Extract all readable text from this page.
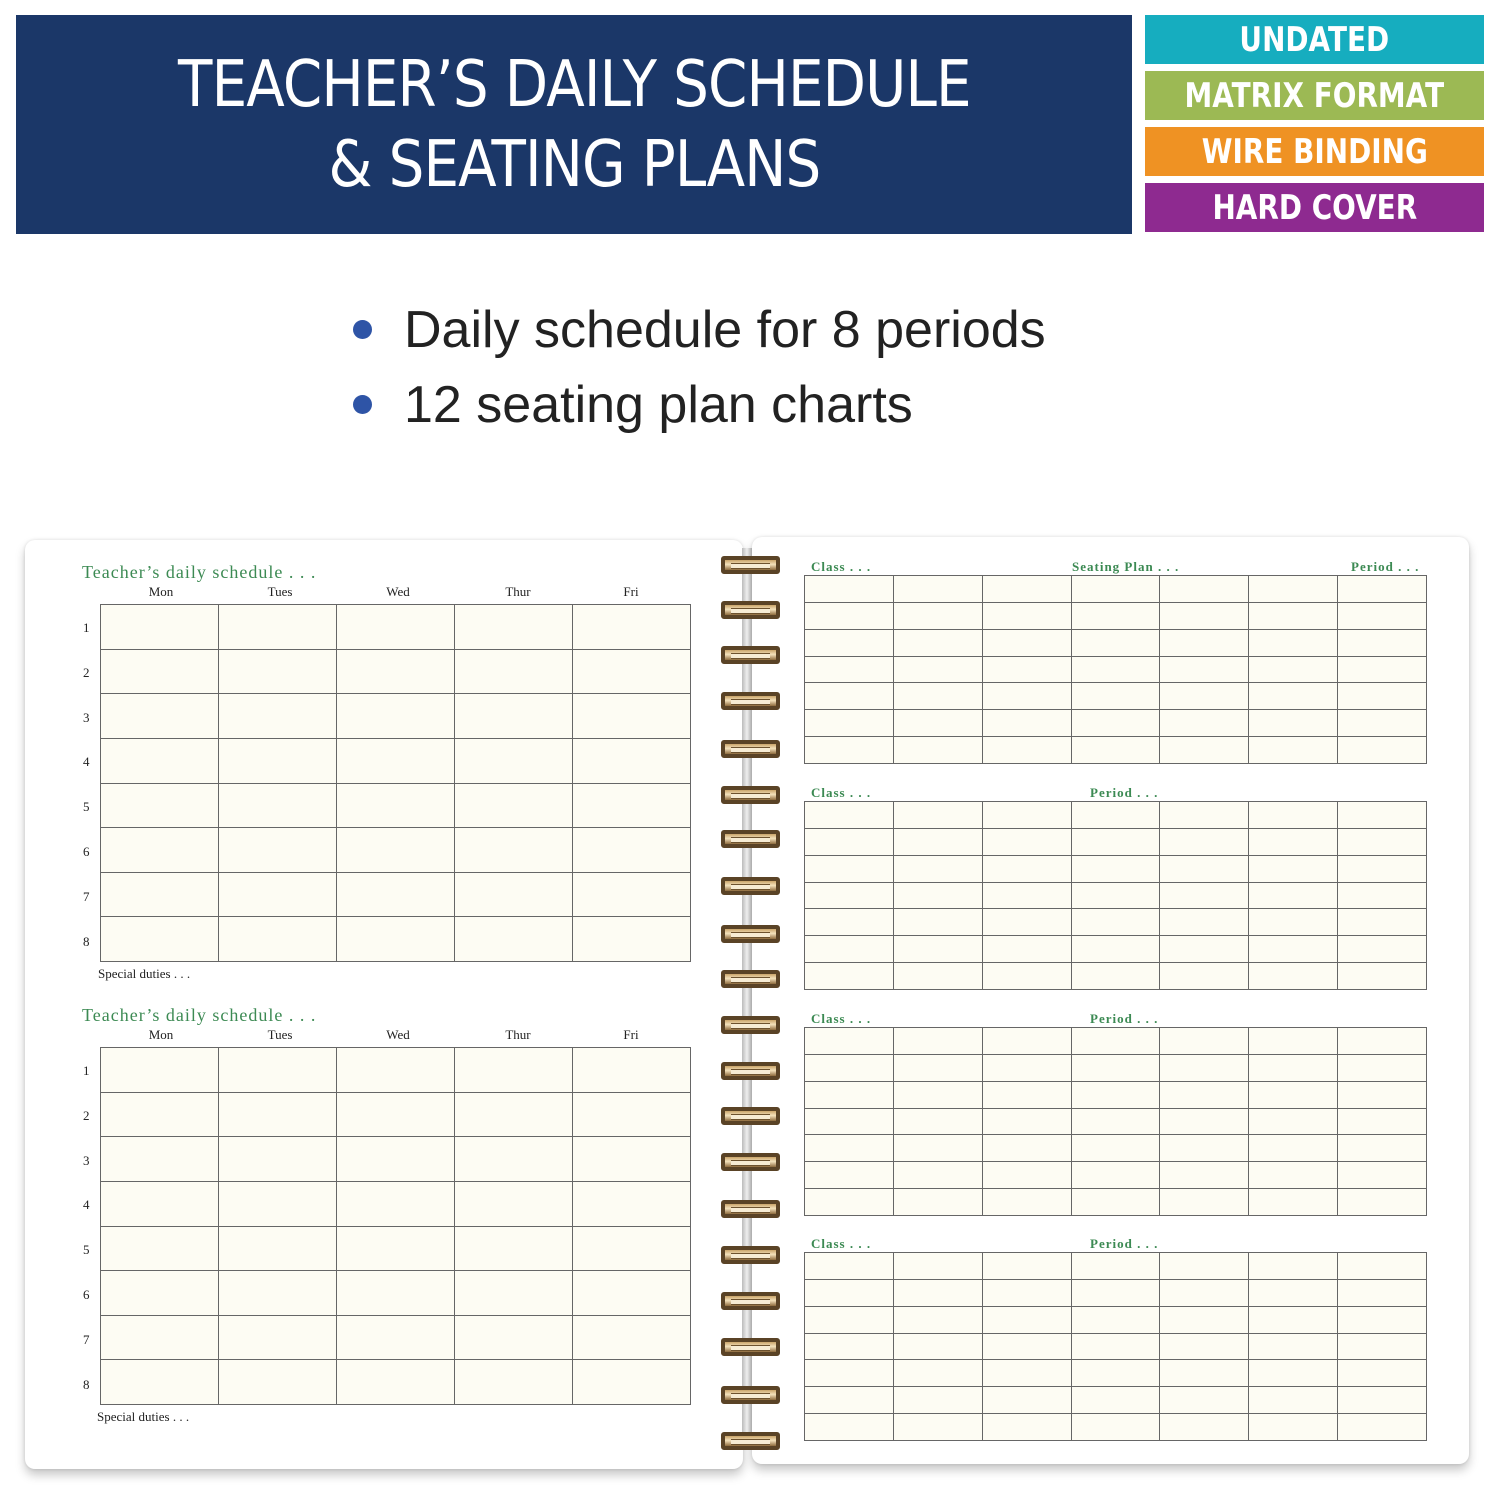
TEACHER’S DAILY SCHEDULE
& SEATING PLANS
UNDATED
MATRIX FORMAT
WIRE BINDING
HARD COVER
Daily schedule for 8 periods
12 seating plan charts
Teacher’s daily schedule . . .
Mon	Tues	Wed	Thur	Fri

1
2
3
4
5
6
7
8
Special duties . . .
Teacher’s daily schedule . . .
Mon	Tues	Wed	Thur	Fri

1
2
3
4
5
6
7
8
Special duties . . .
Class . . .	Seating Plan . . .	Period . . .

Class . . .	Period . . .

Class . . .	Period . . .

Class . . .	Period . . .
